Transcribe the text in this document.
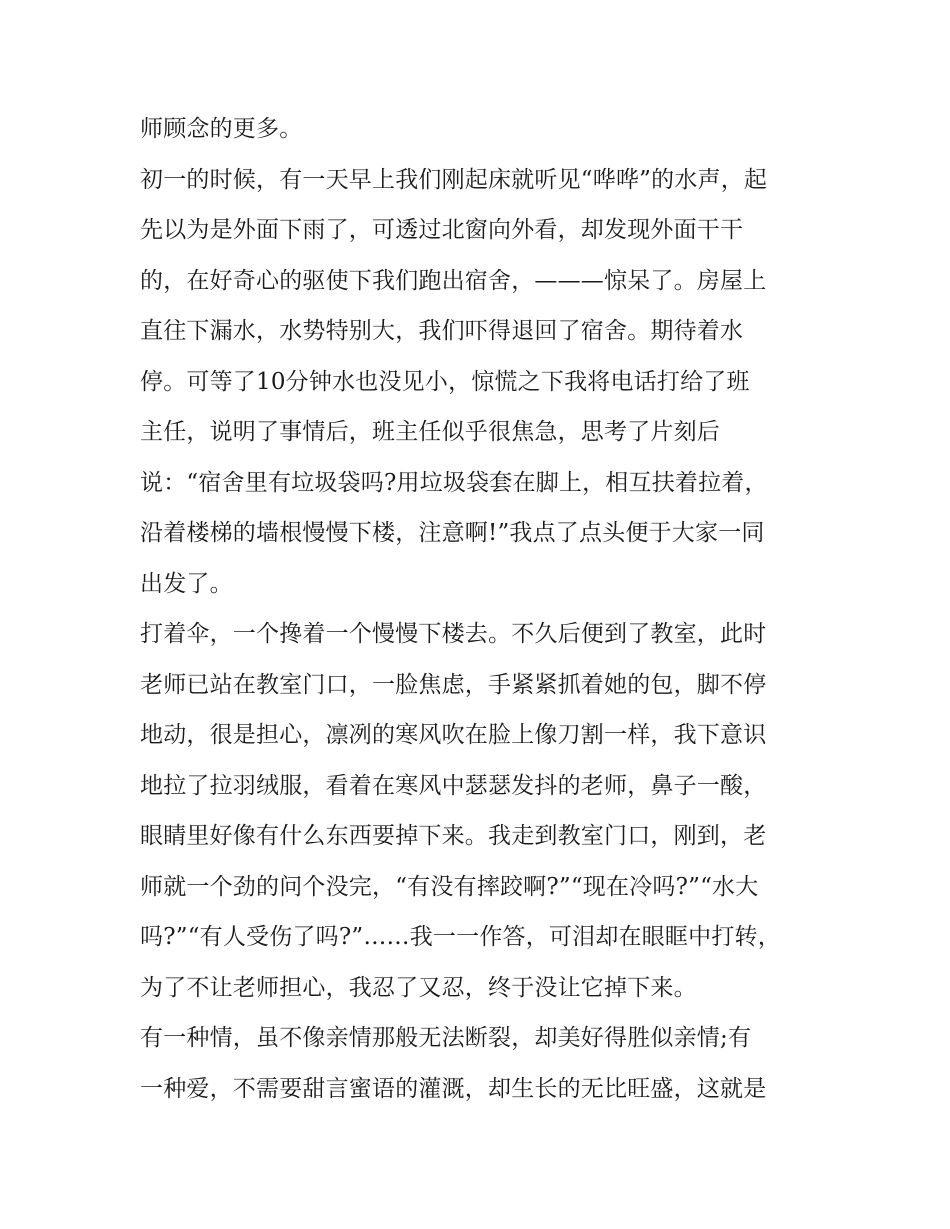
师顾念的更多。
初一的时候，有一天早上我们刚起床就听见“哗哗”的水声，起
先以为是外面下雨了，可透过北窗向外看，却发现外面干干
的，在好奇心的驱使下我们跑出宿舍，———惊呆了。房屋上
直往下漏水，水势特别大，我们吓得退回了宿舍。期待着水
停。可等了10分钟水也没见小，惊慌之下我将电话打给了班
主任，说明了事情后，班主任似乎很焦急，思考了片刻后
说：“宿舍里有垃圾袋吗?用垃圾袋套在脚上，相互扶着拉着，
沿着楼梯的墙根慢慢下楼，注意啊!”我点了点头便于大家一同
出发了。
打着伞，一个搀着一个慢慢下楼去。不久后便到了教室，此时
老师已站在教室门口，一脸焦虑，手紧紧抓着她的包，脚不停
地动，很是担心，凛冽的寒风吹在脸上像刀割一样，我下意识
地拉了拉羽绒服，看着在寒风中瑟瑟发抖的老师，鼻子一酸，
眼睛里好像有什么东西要掉下来。我走到教室门口，刚到，老
师就一个劲的问个没完，“有没有摔跤啊?”“现在冷吗?”“水大
吗?”“有人受伤了吗?”……我一一作答，可泪却在眼眶中打转，
为了不让老师担心，我忍了又忍，终于没让它掉下来。
有一种情，虽不像亲情那般无法断裂，却美好得胜似亲情;有
一种爱，不需要甜言蜜语的灌溉，却生长的无比旺盛，这就是
